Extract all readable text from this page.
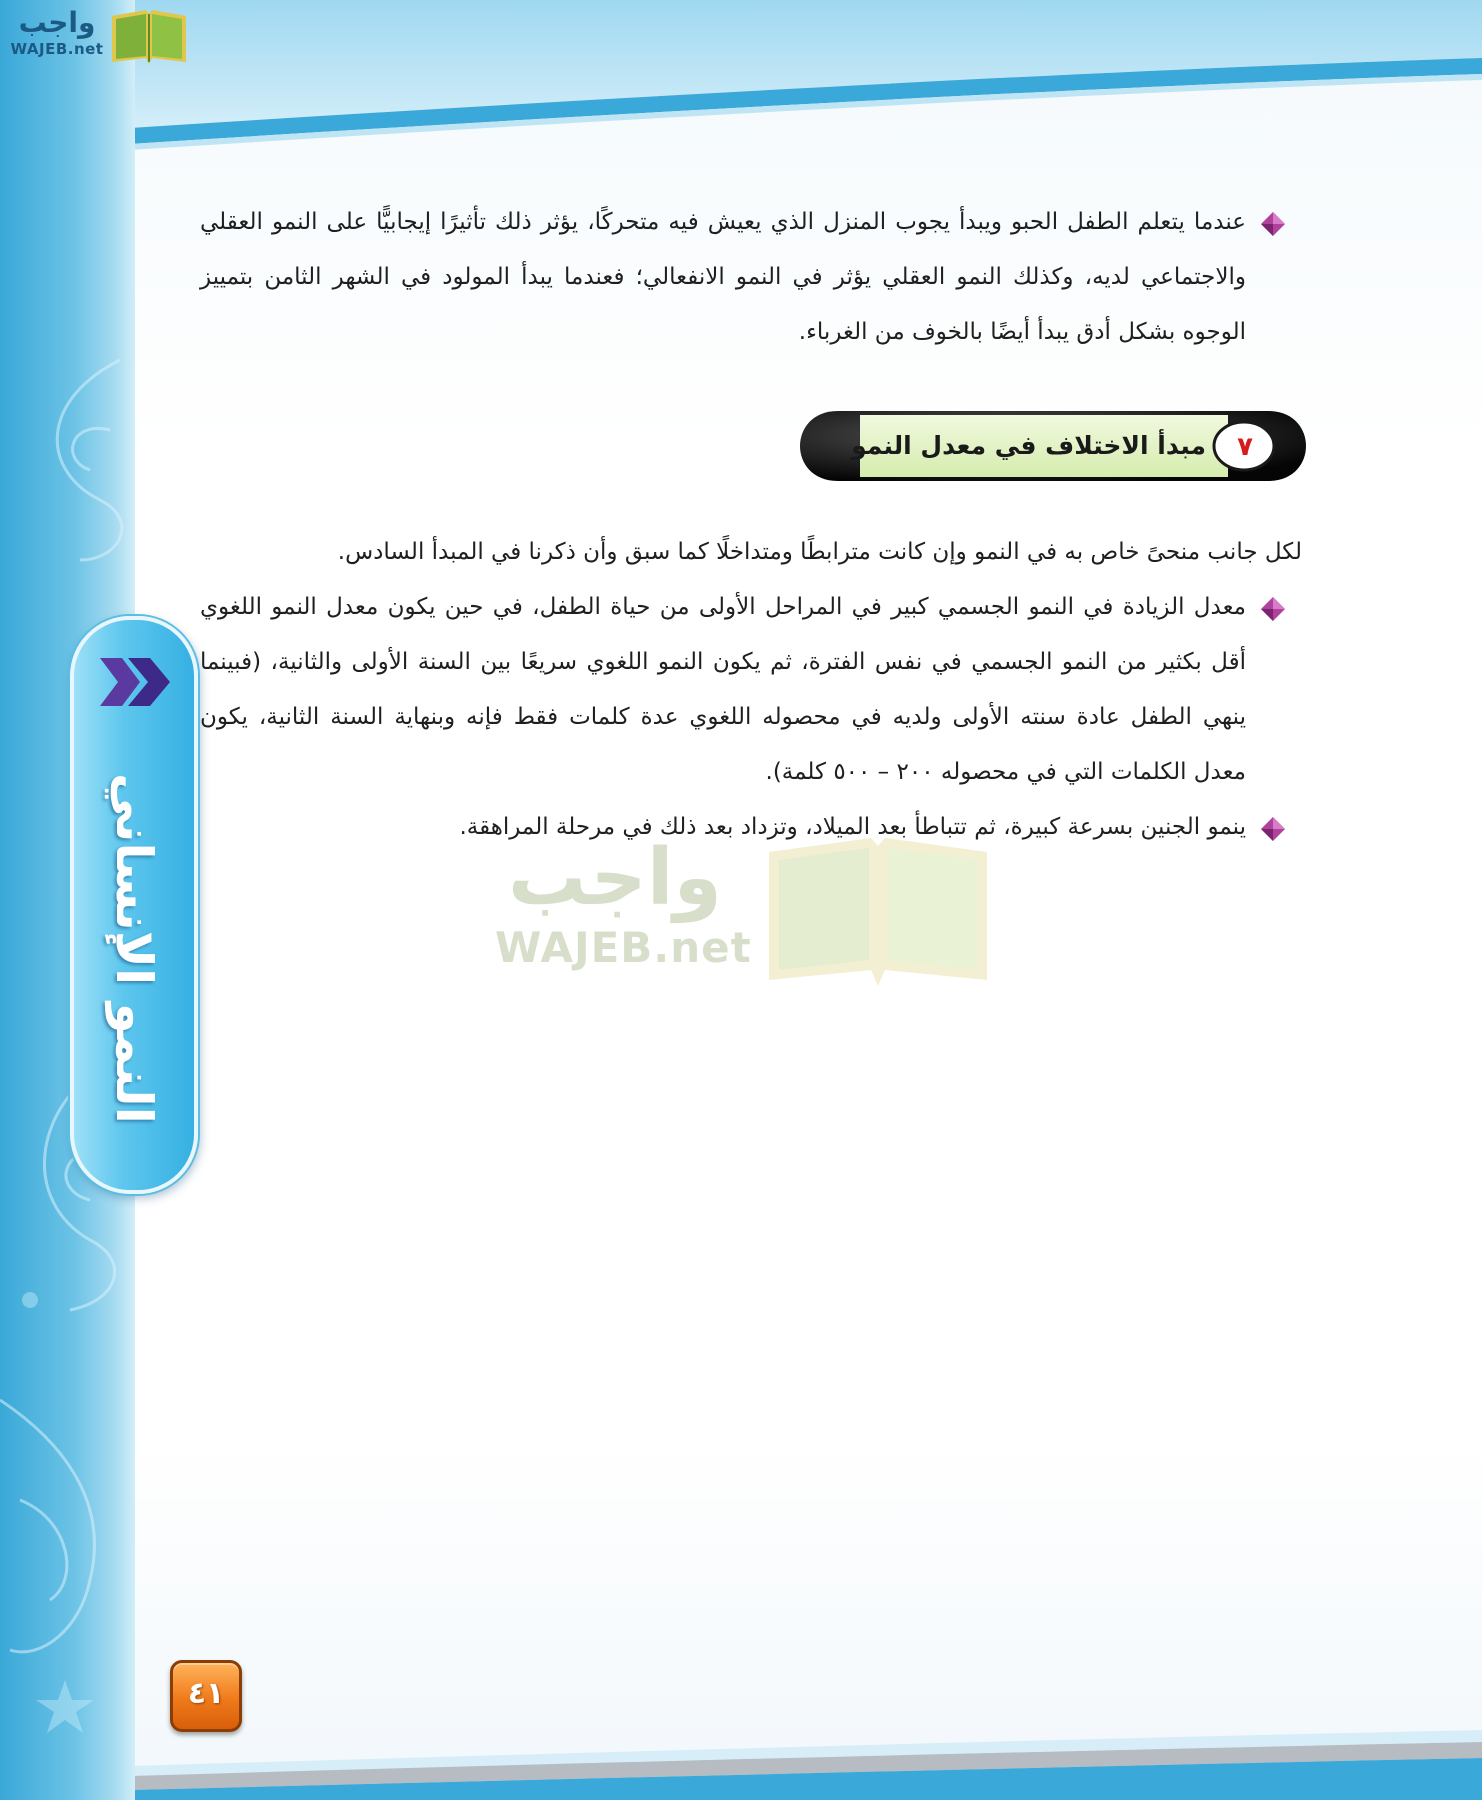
واجب
WAJEB.net
النمو الإنساني

عندما يتعلم الطفل الحبو ويبدأ يجوب المنزل الذي يعيش فيه متحركًا، يؤثر ذلك تأثيرًا إيجابيًّا على النمو العقلي والاجتماعي لديه، وكذلك النمو العقلي يؤثر في النمو الانفعالي؛ فعندما يبدأ المولود في الشهر الثامن بتمييز الوجوه بشكل أدق يبدأ أيضًا بالخوف من الغرباء.

مبدأ الاختلاف في معدل النمو	٧

لكل جانب منحىً خاص به في النمو وإن كانت مترابطًا ومتداخلًا كما سبق وأن ذكرنا في المبدأ السادس.

معدل الزيادة في النمو الجسمي كبير في المراحل الأولى من حياة الطفل، في حين يكون معدل النمو اللغوي أقل بكثير من النمو الجسمي في نفس الفترة، ثم يكون النمو اللغوي سريعًا بين السنة الأولى والثانية، (فبينما ينهي الطفل عادة سنته الأولى ولديه في محصوله اللغوي عدة كلمات فقط فإنه وبنهاية السنة الثانية، يكون معدل الكلمات التي في محصوله ٢٠٠ – ٥٠٠ كلمة).

ينمو الجنين بسرعة كبيرة، ثم تتباطأ بعد الميلاد، وتزداد بعد ذلك في مرحلة المراهقة.

واجب
WAJEB.net
٤١
